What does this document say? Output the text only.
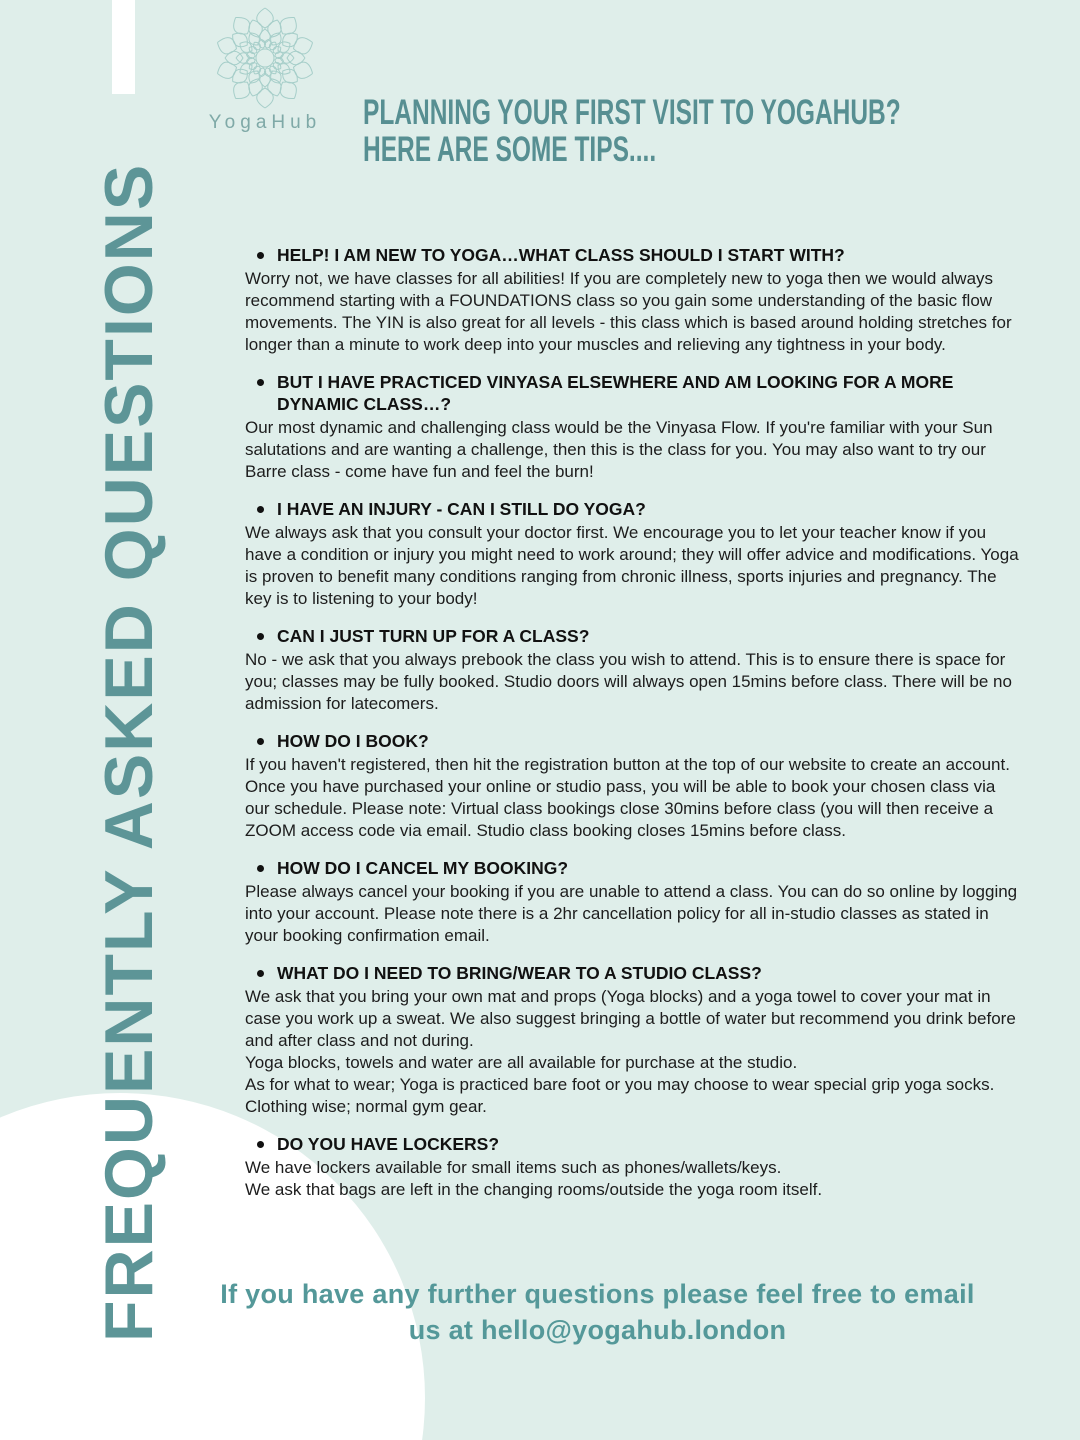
FREQUENTLY ASKED QUESTIONS
YogaHub PLANNING YOUR FIRST VISIT TO YOGAHUB?
HERE ARE SOME TIPS....
HELP! I AM NEW TO YOGA…WHAT CLASS SHOULD I START WITH?
Worry not, we have classes for all abilities! If you are completely new to yoga then we would always recommend starting with a FOUNDATIONS class so you gain some understanding of the basic flow movements. The YIN is also great for all levels - this class which is based around holding stretches for longer than a minute to work deep into your muscles and relieving any tightness in your body.
BUT I HAVE PRACTICED VINYASA ELSEWHERE AND AM LOOKING FOR A MORE DYNAMIC CLASS…?
Our most dynamic and challenging class would be the Vinyasa Flow. If you're familiar with your Sun salutations and are wanting a challenge, then this is the class for you. You may also want to try our Barre class - come have fun and feel the burn!
I HAVE AN INJURY - CAN I STILL DO YOGA?
We always ask that you consult your doctor first. We encourage you to let your teacher know if you have a condition or injury you might need to work around; they will offer advice and modifications. Yoga is proven to benefit many conditions ranging from chronic illness, sports injuries and pregnancy. The key is to listening to your body!
CAN I JUST TURN UP FOR A CLASS?
No - we ask that you always prebook the class you wish to attend. This is to ensure there is space for you; classes may be fully booked. Studio doors will always open 15mins before class. There will be no admission for latecomers.
HOW DO I BOOK?
If you haven't registered, then hit the registration button at the top of our website to create an account. Once you have purchased your online or studio pass, you will be able to book your chosen class via our schedule. Please note: Virtual class bookings close 30mins before class (you will then receive a ZOOM access code via email. Studio class booking closes 15mins before class.
HOW DO I CANCEL MY BOOKING?
Please always cancel your booking if you are unable to attend a class. You can do so online by logging into your account. Please note there is a 2hr cancellation policy for all in-studio classes as stated in your booking confirmation email.
WHAT DO I NEED TO BRING/WEAR TO A STUDIO CLASS?
We ask that you bring your own mat and props (Yoga blocks) and a yoga towel to cover your mat in case you work up a sweat. We also suggest bringing a bottle of water but recommend you drink before and after class and not during.
Yoga blocks, towels and water are all available for purchase at the studio.
As for what to wear; Yoga is practiced bare foot or you may choose to wear special grip yoga socks. Clothing wise; normal gym gear.
DO YOU HAVE LOCKERS?
We have lockers available for small items such as phones/wallets/keys.
We ask that bags are left in the changing rooms/outside the yoga room itself.
If you have any further questions please feel free to email
us at hello@yogahub.london
